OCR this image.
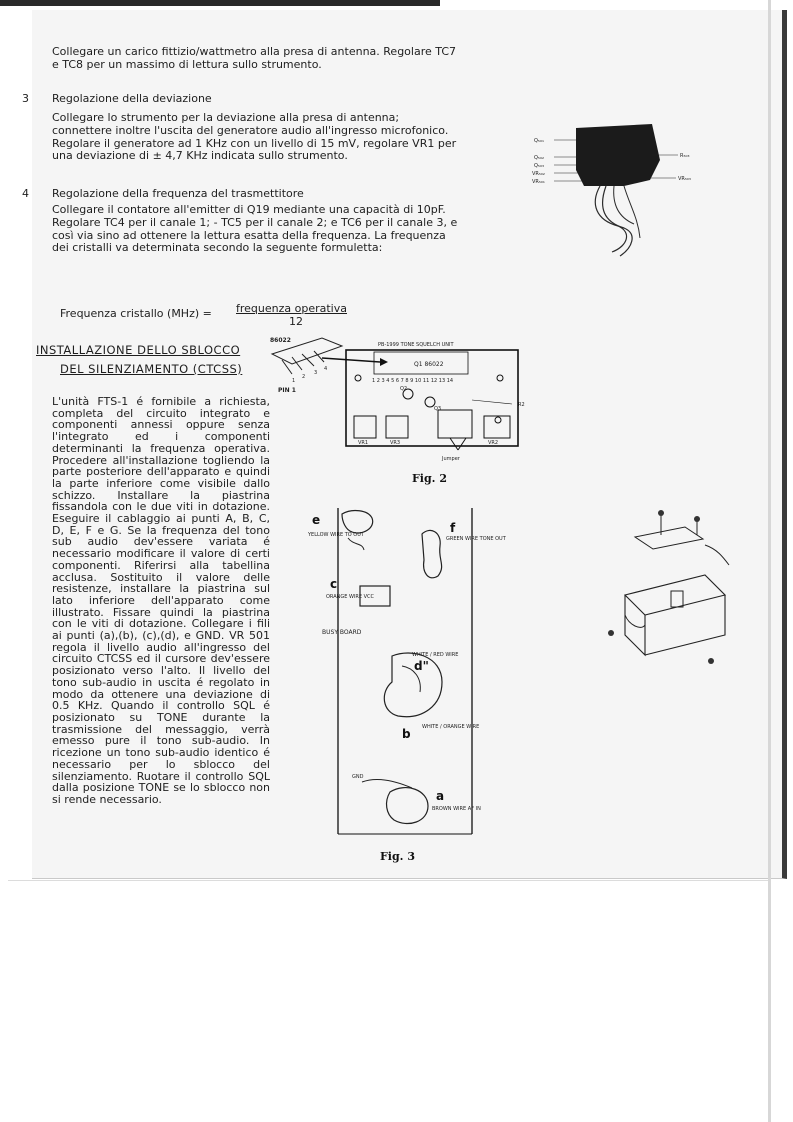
Collegare un carico fittizio/wattmetro alla presa di antenna. Regolare TC7 e TC8 per un massimo di lettura sullo strumento.
3 Regolazione della deviazione
Collegare lo strumento per la deviazione alla presa di antenna; connettere inoltre l'uscita del generatore audio all'ingresso microfonico. Regolare il generatore ad 1 KHz con un livello di 15 mV, regolare VR1 per una deviazione di ± 4,7 KHz indicata sullo strumento.
4 Regolazione della frequenza del trasmettitore
Collegare il contatore all'emitter di Q19 mediante una capacità di 10pF. Regolare TC4 per il canale 1; - TC5 per il canale 2; e TC6 per il canale 3, e così via sino ad ottenere la lettura esatta della frequenza. La frequenza dei cristalli va determinata secondo la seguente formuletta:
Frequenza cristallo (MHz) = frequenza operativa
12
INSTALLAZIONE DELLO SBLOCCO
DEL SILENZIAMENTO (CTCSS)
L'unità FTS-1 é fornibile a richiesta, completa del circuito integrato e componenti annessi oppure senza l'integrato ed i componenti determinanti la frequenza operativa. Procedere all'installazione togliendo la parte posteriore dell'apparato e quindi la parte inferiore come visibile dallo schizzo. Installare la piastrina fissandola con le due viti in dotazione. Eseguire il cablaggio ai punti A, B, C, D, E, F e G. Se la frequenza del tono sub audio dev'essere variata é necessario modificare il valore di certi componenti. Riferirsi alla tabellina acclusa. Sostituito il valore delle resistenze, installare la piastrina sul lato inferiore dell'apparato come illustrato. Fissare quindi la piastrina con le viti di dotazione. Collegare i fili ai punti (a),(b), (c),(d), e GND. VR 501 regola il livello audio all'ingresso del circuito CTCSS ed il cursore dev'essere posizionato verso l'alto. Il livello del tono sub-audio in uscita é regolato in modo da ottenere una deviazione di 0.5 KHz. Quando il controllo SQL é posizionato su TONE durante la trasmissione del messaggio, verrà emesso pure il tono sub-audio. In ricezione un tono sub-audio identico é necessario per lo sblocco del silenziamento. Ruotare il controllo SQL dalla posizione TONE se lo sblocco non si rende necessario.
Q₅₀₁
Q₅₀₂
Q₅₀₃
VR₅₀₂
VR₅₀₁
R₅₀₃
VR₅₀₃
86022
1
2
3
4
PIN 1
PB-1999 TONE SQUELCH UNIT
Q1 86022
1 2 3 4 5 6 7 8 9 10 11 12 13 14
Q2
Q3
R2
VR1	VR3	VR2
Jumper
Fig. 2
e
YELLOW WIRE TO OUT	f
GREEN WIRE TONE OUT
c
ORANGE WIRE VCC
BUSY BOARD
WHITE / RED WIRE
d"
WHITE / ORANGE WIRE
b
GND
a
BROWN WIRE AF IN
Fig. 3
